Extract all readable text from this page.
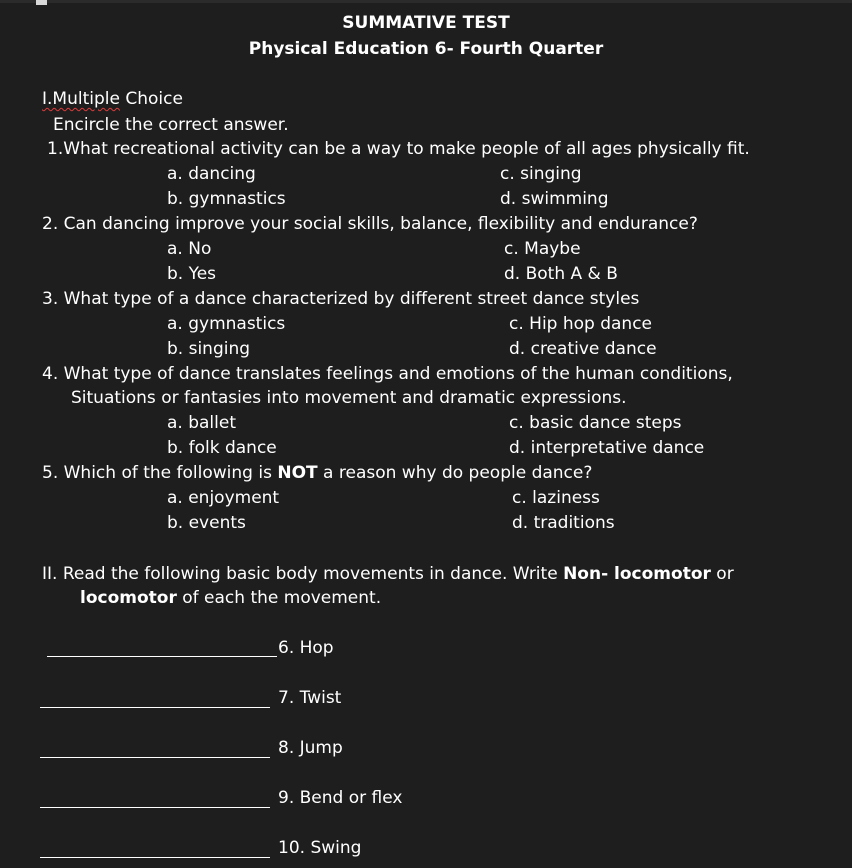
SUMMATIVE TEST
Physical Education 6- Fourth Quarter
I.Multiple Choice
Encircle the correct answer.
1.What recreational activity can be a way to make people of all ages physically fit.
a. dancing	c. singing
b. gymnastics	d. swimming
2. Can dancing improve your social skills, balance, flexibility and endurance?
a. No	c. Maybe
b. Yes	d. Both A & B
3. What type of a dance characterized by different street dance styles
a. gymnastics	c. Hip hop dance
b. singing	d. creative dance
4. What type of dance translates feelings and emotions of the human conditions,
Situations or fantasies into movement and dramatic expressions.
a. ballet	c. basic dance steps
b. folk dance	d. interpretative dance
5. Which of the following is NOT a reason why do people dance?
a. enjoyment	c. laziness
b. events	d. traditions
II. Read the following basic body movements in dance. Write Non- locomotor or
locomotor of each the movement.
6. Hop
7. Twist
8. Jump
9. Bend or flex
10. Swing
